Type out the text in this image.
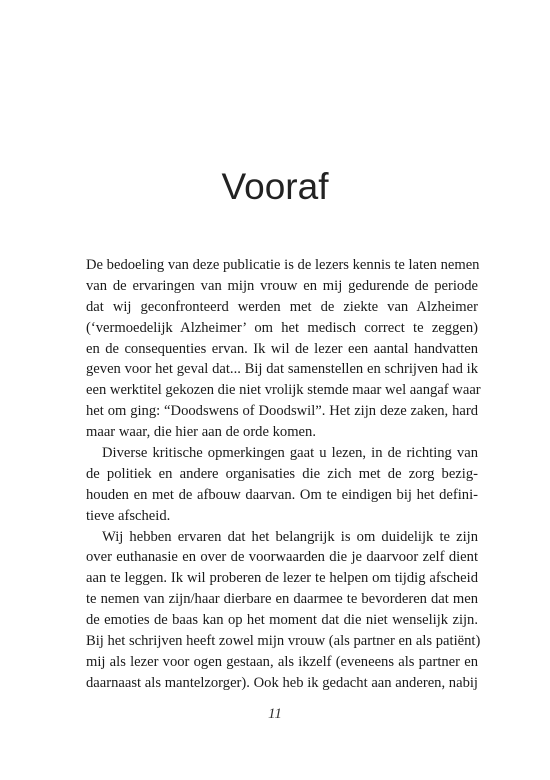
Vooraf
De bedoeling van deze publicatie is de lezers kennis te laten nemen
van de ervaringen van mijn vrouw en mij gedurende de periode
dat wij geconfronteerd werden met de ziekte van Alzheimer
(‘vermoedelijk Alzheimer’ om het medisch correct te zeggen)
en de consequenties ervan. Ik wil de lezer een aantal handvatten
geven voor het geval dat... Bij dat samenstellen en schrijven had ik
een werktitel gekozen die niet vrolijk stemde maar wel aangaf waar
het om ging: “Doodswens of Doodswil”. Het zijn deze zaken, hard
maar waar, die hier aan de orde komen.
Diverse kritische opmerkingen gaat u lezen, in de richting van
de politiek en andere organisaties die zich met de zorg bezig-
houden en met de afbouw daarvan. Om te eindigen bij het defini-
tieve afscheid.
Wij hebben ervaren dat het belangrijk is om duidelijk te zijn
over euthanasie en over de voorwaarden die je daarvoor zelf dient
aan te leggen. Ik wil proberen de lezer te helpen om tijdig afscheid
te nemen van zijn/haar dierbare en daarmee te bevorderen dat men
de emoties de baas kan op het moment dat die niet wenselijk zijn.
Bij het schrijven heeft zowel mijn vrouw (als partner en als patiënt)
mij als lezer voor ogen gestaan, als ikzelf (eveneens als partner en
daarnaast als mantelzorger). Ook heb ik gedacht aan anderen, nabij
11
